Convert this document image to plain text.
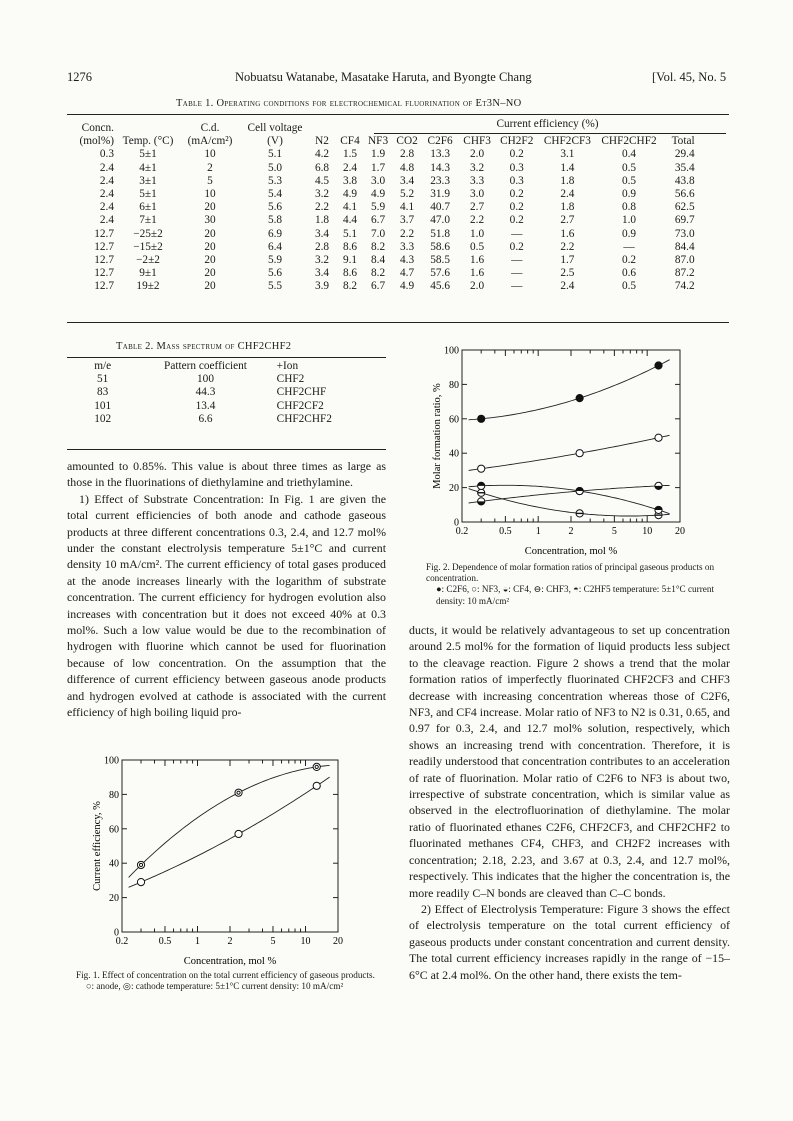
1276	Nobuatsu Watanabe, Masatake Haruta, and Byongte Chang	[Vol. 45, No. 5
Table 1. Operating conditions for electrochemical fluorination of Et3N–NO
Current efficiency (%)
Concn. (mol%)	Temp. (°C)	C.d. (mA/cm²)	Cell voltage (V)	N2	CF4	NF3	CO2	C2F6	CHF3	CH2F2	CHF2CF3	CHF2CHF2	Total
0.3	5±1	10	5.1	4.2	1.5	1.9	2.8	13.3	2.0	0.2	3.1	0.4	29.4
2.4	4±1	2	5.0	6.8	2.4	1.7	4.8	14.3	3.2	0.3	1.4	0.5	35.4
2.4	3±1	5	5.3	4.5	3.8	3.0	3.4	23.3	3.3	0.3	1.8	0.5	43.8
2.4	5±1	10	5.4	3.2	4.9	4.9	5.2	31.9	3.0	0.2	2.4	0.9	56.6
2.4	6±1	20	5.6	2.2	4.1	5.9	4.1	40.7	2.7	0.2	1.8	0.8	62.5
2.4	7±1	30	5.8	1.8	4.4	6.7	3.7	47.0	2.2	0.2	2.7	1.0	69.7
12.7	−25±2	20	6.9	3.4	5.1	7.0	2.2	51.8	1.0	—	1.6	0.9	73.0
12.7	−15±2	20	6.4	2.8	8.6	8.2	3.3	58.6	0.5	0.2	2.2	—	84.4
12.7	−2±2	20	5.9	3.2	9.1	8.4	4.3	58.5	1.6	—	1.7	0.2	87.0
12.7	9±1	20	5.6	3.4	8.6	8.2	4.7	57.6	1.6	—	2.5	0.6	87.2
12.7	19±2	20	5.5	3.9	8.2	6.7	4.9	45.6	2.0	—	2.4	0.5	74.2
Table 2. Mass spectrum of CHF2CHF2
m/e	Pattern coefficient	+Ion
51	100	CHF2
83	44.3	CHF2CHF
101	13.4	CHF2CF2
102	6.6	CHF2CHF2

amounted to 0.85%. This value is about three times as large as those in the fluorinations of diethylamine and triethylamine.

1) Effect of Substrate Concentration: In Fig. 1 are given the total current efficiencies of both anode and cathode gaseous products at three different concentrations 0.3, 2.4, and 12.7 mol% under the constant electrolysis temperature 5±1°C and current density 10 mA/cm². The current efficiency of total gases produced at the anode increases linearly with the logarithm of substrate concentration. The current efficiency for hydrogen evolution also increases with concentration but it does not exceed 40% at 0.3 mol%. Such a low value would be due to the recombination of hydrogen with fluorine which cannot be used for fluorination because of low concentration. On the assumption that the difference of current efficiency between gaseous anode products and hydrogen evolved at cathode is associated with the current efficiency of high boiling liquid pro-

0.2	0.5 1	2	5	10 20
0
20
40
60
80
100
Current efficiency, %
Concentration, mol %
Fig. 1. Effect of concentration on the total current efficiency of gaseous products.
○: anode, ◎: cathode temperature: 5±1°C current density: 10 mA/cm²
0.2	0.5 1	2	5	10 20
0
20
40
60
80
100
Molar formation ratio, %
Concentration, mol %
Fig. 2. Dependence of molar formation ratios of principal gaseous products on concentration.
●: C2F6, ○: NF3, ◒: CF4, ⊖: CHF3, ◓: C2HF5 temperature: 5±1°C current density: 10 mA/cm²

ducts, it would be relatively advantageous to set up concentration around 2.5 mol% for the formation of liquid products less subject to the cleavage reaction. Figure 2 shows a trend that the molar formation ratios of imperfectly fluorinated CHF2CF3 and CHF3 decrease with increasing concentration whereas those of C2F6, NF3, and CF4 increase. Molar ratio of NF3 to N2 is 0.31, 0.65, and 0.97 for 0.3, 2.4, and 12.7 mol% solution, respectively, which shows an increasing trend with concentration. Therefore, it is readily understood that concentration contributes to an acceleration of rate of fluorination. Molar ratio of C2F6 to NF3 is about two, irrespective of substrate concentration, which is similar value as observed in the electrofluorination of diethylamine. The molar ratio of fluorinated ethanes C2F6, CHF2CF3, and CHF2CHF2 to fluorinated methanes CF4, CHF3, and CH2F2 increases with concentration; 2.18, 2.23, and 3.67 at 0.3, 2.4, and 12.7 mol%, respectively. This indicates that the higher the concentration is, the more readily C–N bonds are cleaved than C–C bonds.

2) Effect of Electrolysis Temperature: Figure 3 shows the effect of electrolysis temperature on the total current efficiency of gaseous products under constant concentration and current density. The total current efficiency increases rapidly in the range of −15–6°C at 2.4 mol%. On the other hand, there exists the tem-
